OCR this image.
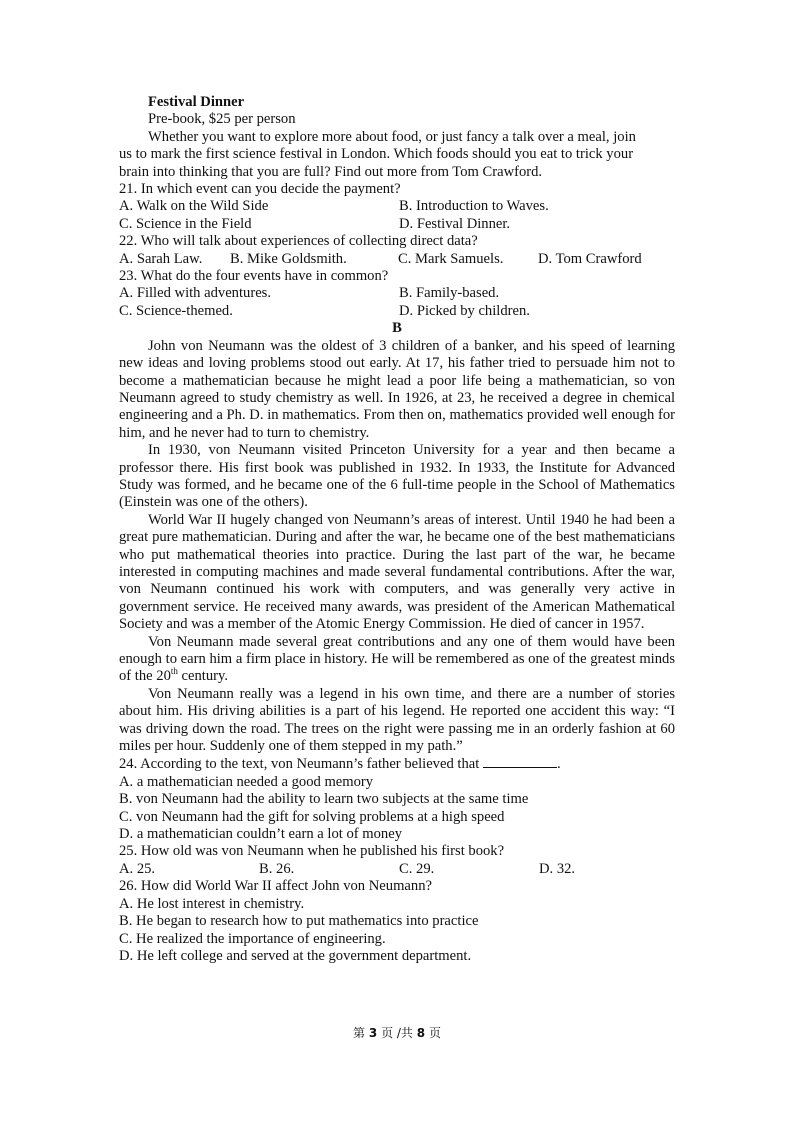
Festival Dinner
Pre-book, $25 per person
Whether you want to explore more about food, or just fancy a talk over a meal, join
us to mark the first science festival in London. Which foods should you eat to trick your
brain into thinking that you are full? Find out more from Tom Crawford.
21. In which event can you decide the payment?
A. Walk on the Wild Side	B. Introduction to Waves.
C. Science in the Field	D. Festival Dinner.
22. Who will talk about experiences of collecting direct data?
A. Sarah Law.	B. Mike Goldsmith.	C. Mark Samuels.	D. Tom Crawford
23. What do the four events have in common?
A. Filled with adventures.	B. Family-based.
C. Science-themed.	D. Picked by children.
B

John von Neumann was the oldest of 3 children of a banker, and his speed of learning new ideas and loving problems stood out early. At 17, his father tried to persuade him not to become a mathematician because he might lead a poor life being a mathematician, so von Neumann agreed to study chemistry as well. In 1926, at 23, he received a degree in chemical engineering and a Ph. D. in mathematics. From then on, mathematics provided well enough for him, and he never had to turn to chemistry.

In 1930, von Neumann visited Princeton University for a year and then became a professor there. His first book was published in 1932. In 1933, the Institute for Advanced Study was formed, and he became one of the 6 full-time people in the School of Mathematics (Einstein was one of the others).

World War II hugely changed von Neumann’s areas of interest. Until 1940 he had been a great pure mathematician. During and after the war, he became one of the best mathematicians who put mathematical theories into practice. During the last part of the war, he became interested in computing machines and made several fundamental contributions. After the war, von Neumann continued his work with computers, and was generally very active in government service. He received many awards, was president of the American Mathematical Society and was a member of the Atomic Energy Commission. He died of cancer in 1957.

Von Neumann made several great contributions and any one of them would have been enough to earn him a firm place in history. He will be remembered as one of the greatest minds of the 20th century.

Von Neumann really was a legend in his own time, and there are a number of stories about him. His driving abilities is a part of his legend. He reported one accident this way: “I was driving down the road. The trees on the right were passing me in an orderly fashion at 60 miles per hour. Suddenly one of them stepped in my path.”

24. According to the text, von Neumann’s father believed that	.
A. a mathematician needed a good memory
B. von Neumann had the ability to learn two subjects at the same time
C. von Neumann had the gift for solving problems at a high speed
D. a mathematician couldn’t earn a lot of money
25. How old was von Neumann when he published his first book?
A. 25.	B. 26.	C. 29.	D. 32.
26. How did World War II affect John von Neumann?
A. He lost interest in chemistry.
B. He began to research how to put mathematics into practice
C. He realized the importance of engineering.
D. He left college and served at the government department.
第 3 页 /共 8 页
